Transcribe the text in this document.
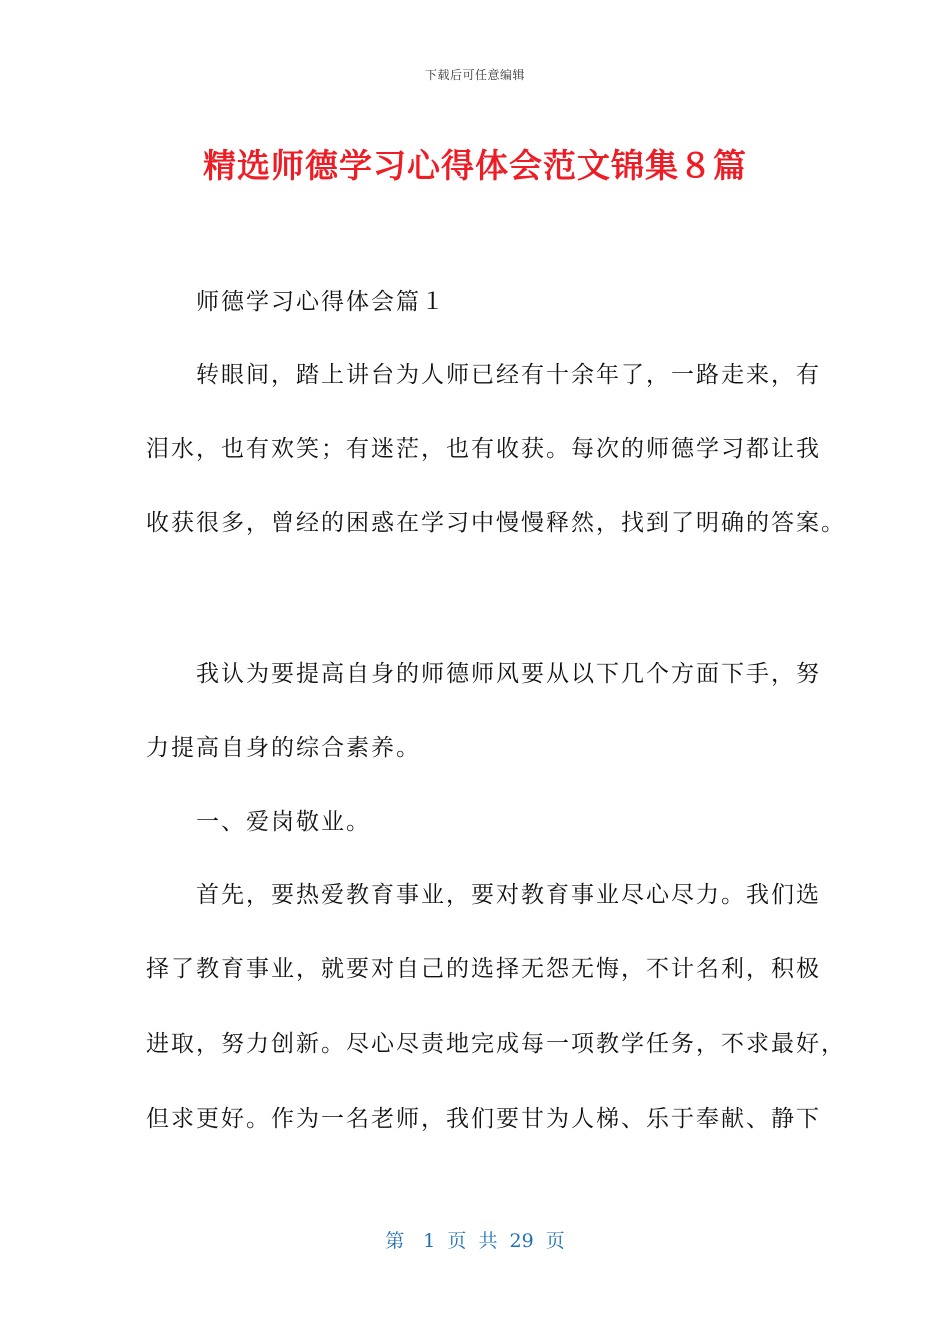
下载后可任意编辑
精选师德学习心得体会范文锦集８篇
　　师德学习心得体会篇１
　　转眼间，踏上讲台为人师已经有十余年了，一路走来，有
泪水，也有欢笑；有迷茫，也有收获。每次的师德学习都让我
收获很多，曾经的困惑在学习中慢慢释然，找到了明确的答案。
　　我认为要提高自身的师德师风要从以下几个方面下手，努
力提高自身的综合素养。
　　一、爱岗敬业。
　　首先，要热爱教育事业，要对教育事业尽心尽力。我们选
择了教育事业，就要对自己的选择无怨无悔，不计名利，积极
进取，努力创新。尽心尽责地完成每一项教学任务，不求最好，
但求更好。作为一名老师，我们要甘为人梯、乐于奉献、静下
第　1 页 共 29 页
